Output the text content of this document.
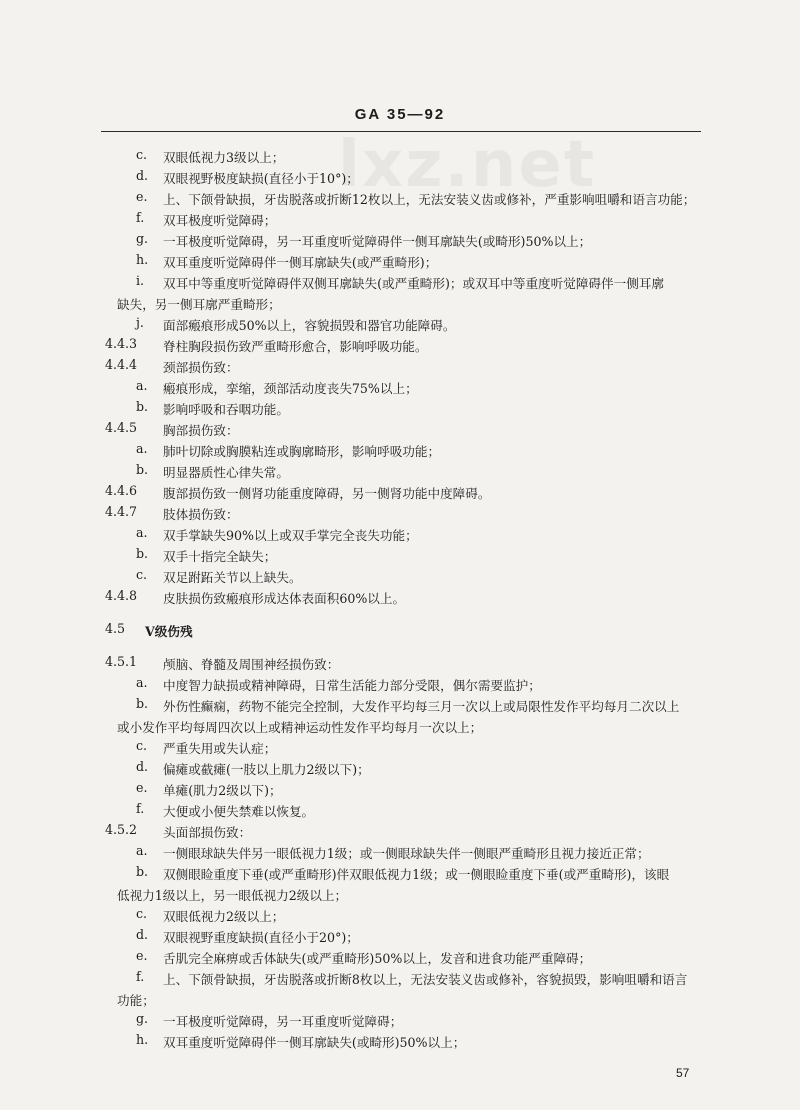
GA 35—92
c. 双眼低视力3级以上；
d. 双眼视野极度缺损(直径小于10°)；
e. 上、下颌骨缺损，牙齿脱落或折断12枚以上，无法安装义齿或修补，严重影响咀嚼和语言功能；
f. 双耳极度听觉障碍；
g. 一耳极度听觉障碍，另一耳重度听觉障碍伴一侧耳廓缺失(或畸形)50%以上；
h. 双耳重度听觉障碍伴一侧耳廓缺失(或严重畸形)；
i. 双耳中等重度听觉障碍伴双侧耳廓缺失(或严重畸形)；或双耳中等重度听觉障碍伴一侧耳廓
缺失，另一侧耳廓严重畸形；
j. 面部瘢痕形成50%以上，容貌损毁和器官功能障碍。
4.4.3 脊柱胸段损伤致严重畸形愈合，影响呼吸功能。
4.4.4 颈部损伤致：
a. 瘢痕形成，挛缩，颈部活动度丧失75%以上；
b. 影响呼吸和吞咽功能。
4.4.5 胸部损伤致：
a. 肺叶切除或胸膜粘连或胸廓畸形，影响呼吸功能；
b. 明显器质性心律失常。
4.4.6 腹部损伤致一侧肾功能重度障碍，另一侧肾功能中度障碍。
4.4.7 肢体损伤致：
a. 双手掌缺失90%以上或双手掌完全丧失功能；
b. 双手十指完全缺失；
c. 双足跗跖关节以上缺失。
4.4.8 皮肤损伤致瘢痕形成达体表面积60%以上。
4.5 Ⅴ级伤残
4.5.1 颅脑、脊髓及周围神经损伤致：
a. 中度智力缺损或精神障碍，日常生活能力部分受限，偶尔需要监护；
b. 外伤性癫痫，药物不能完全控制，大发作平均每三月一次以上或局限性发作平均每月二次以上
或小发作平均每周四次以上或精神运动性发作平均每月一次以上；
c. 严重失用或失认症；
d. 偏瘫或截瘫(一肢以上肌力2级以下)；
e. 单瘫(肌力2级以下)；
f. 大便或小便失禁难以恢复。
4.5.2 头面部损伤致：
a. 一侧眼球缺失伴另一眼低视力1级；或一侧眼球缺失伴一侧眼严重畸形且视力接近正常；
b. 双侧眼睑重度下垂(或严重畸形)伴双眼低视力1级；或一侧眼睑重度下垂(或严重畸形)，该眼
低视力1级以上，另一眼低视力2级以上；
c. 双眼低视力2级以上；
d. 双眼视野重度缺损(直径小于20°)；
e. 舌肌完全麻痹或舌体缺失(或严重畸形)50%以上，发音和进食功能严重障碍；
f. 上、下颌骨缺损，牙齿脱落或折断8枚以上，无法安装义齿或修补，容貌损毁，影响咀嚼和语言
功能；
g. 一耳极度听觉障碍，另一耳重度听觉障碍；
h. 双耳重度听觉障碍伴一侧耳廓缺失(或畸形)50%以上；
57
